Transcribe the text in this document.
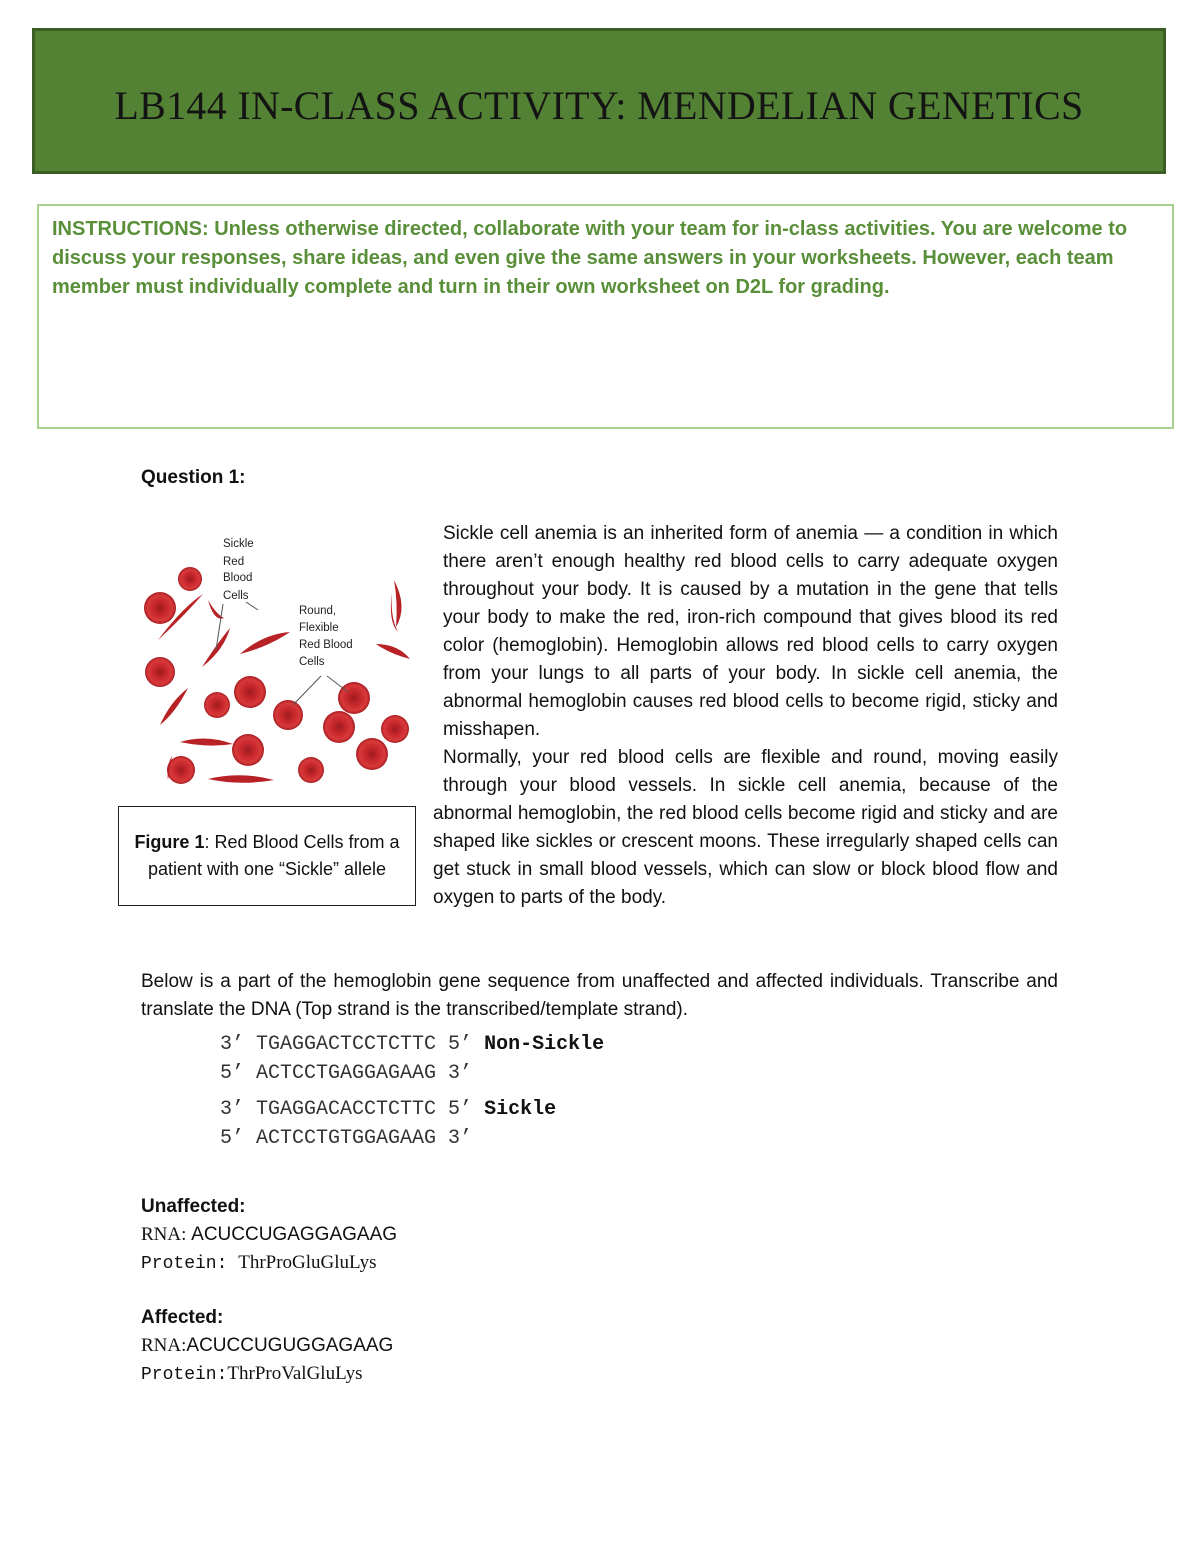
LB144 IN-CLASS ACTIVITY: MENDELIAN GENETICS

INSTRUCTIONS: Unless otherwise directed, collaborate with your team for in-class activities. You are welcome to discuss your responses, share ideas, and even give the same answers in your worksheets. However, each team member must individually complete and turn in their own worksheet on D2L for grading.

Question 1:
Sickle
Red
Blood
Cells
Round,
Flexible
Red Blood
Cells
Figure 1: Red Blood Cells from a patient with one “Sickle” allele

Sickle cell anemia is an inherited form of anemia — a condition in which there aren’t enough healthy red blood cells to carry adequate oxygen throughout your body. It is caused by a mutation in the gene that tells your body to make the red, iron-rich compound that gives blood its red color (hemoglobin). Hemoglobin allows red blood cells to carry oxygen from your lungs to all parts of your body. In sickle cell anemia, the abnormal hemoglobin causes red blood cells to become rigid, sticky and misshapen.

Normally, your red blood cells are flexible and round, moving easily through your blood vessels. In sickle cell anemia, because of the abnormal hemoglobin, the red blood cells become rigid and sticky and are shaped like sickles or crescent moons. These irregularly shaped cells can get stuck in small blood vessels, which can slow or block blood flow and oxygen to parts of the body.

Below is a part of the hemoglobin gene sequence from unaffected and affected individuals. Transcribe and translate the DNA (Top strand is the transcribed/template strand).

3’ TGAGGACTCCTCTTC 5’ Non-Sickle
5’ ACTCCTGAGGAGAAG 3’
3’ TGAGGACACCTCTTC 5’ Sickle
5’ ACTCCTGTGGAGAAG 3’
Unaffected:
RNA: ACUCCUGAGGAGAAG
Protein: ThrProGluGluLys
Affected:
RNA:ACUCCUGUGGAGAAG
Protein:ThrProValGluLys
